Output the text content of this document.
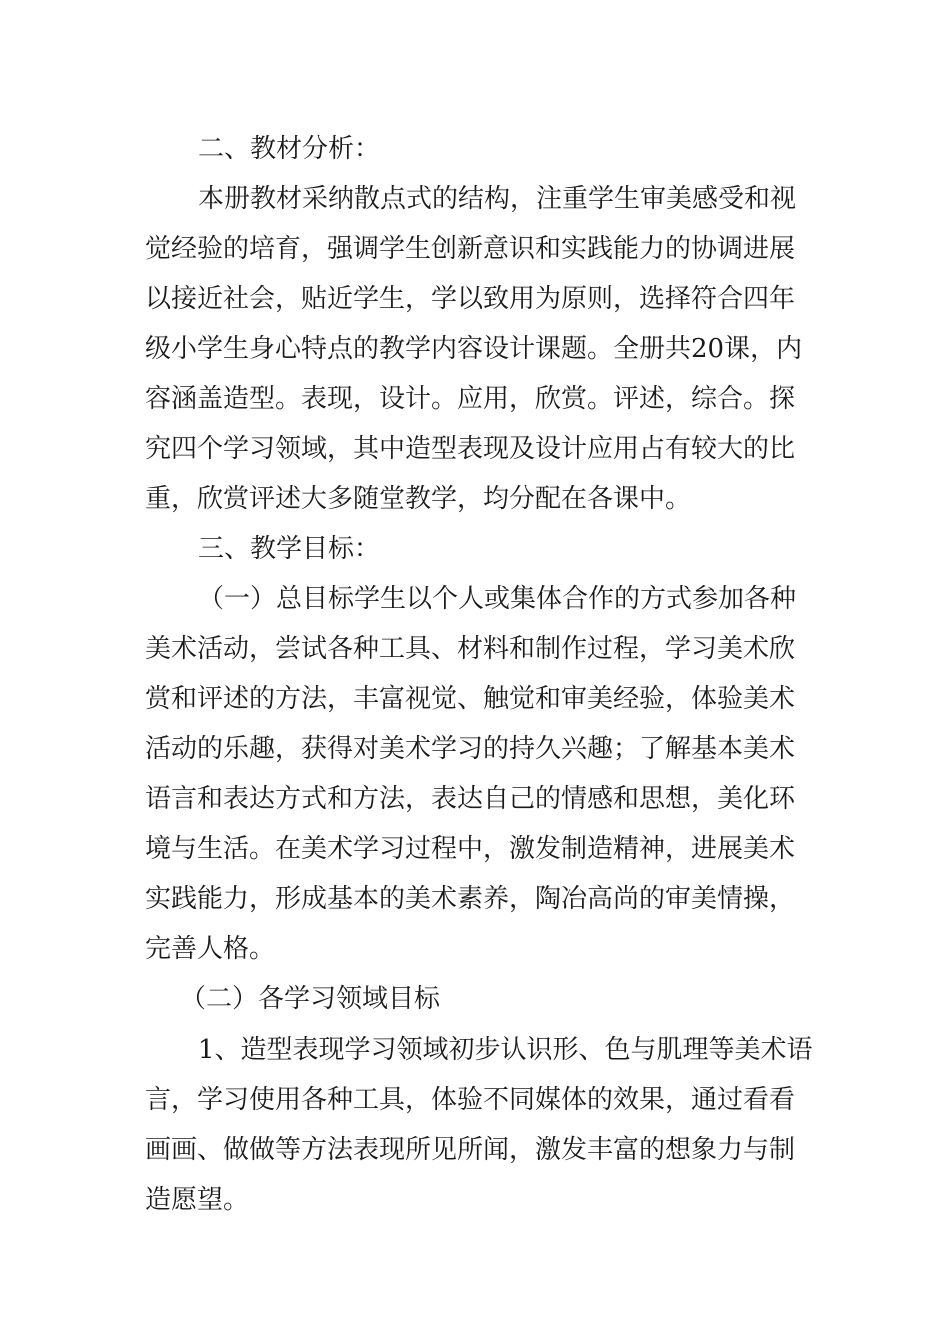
二、教材分析：
本册教材采纳散点式的结构，注重学生审美感受和视
觉经验的培育，强调学生创新意识和实践能力的协调进展
以接近社会，贴近学生，学以致用为原则，选择符合四年
级小学生身心特点的教学内容设计课题。全册共20课，内
容涵盖造型。表现，设计。应用，欣赏。评述，综合。探
究四个学习领域，其中造型表现及设计应用占有较大的比
重，欣赏评述大多随堂教学，均分配在各课中。
三、教学目标：
（一）总目标学生以个人或集体合作的方式参加各种
美术活动，尝试各种工具、材料和制作过程，学习美术欣
赏和评述的方法，丰富视觉、触觉和审美经验，体验美术
活动的乐趣，获得对美术学习的持久兴趣；了解基本美术
语言和表达方式和方法，表达自己的情感和思想，美化环
境与生活。在美术学习过程中，激发制造精神，进展美术
实践能力，形成基本的美术素养，陶冶高尚的审美情操，
完善人格。
（二）各学习领域目标
1、造型表现学习领域初步认识形、色与肌理等美术语
言，学习使用各种工具，体验不同媒体的效果，通过看看
画画、做做等方法表现所见所闻，激发丰富的想象力与制
造愿望。
